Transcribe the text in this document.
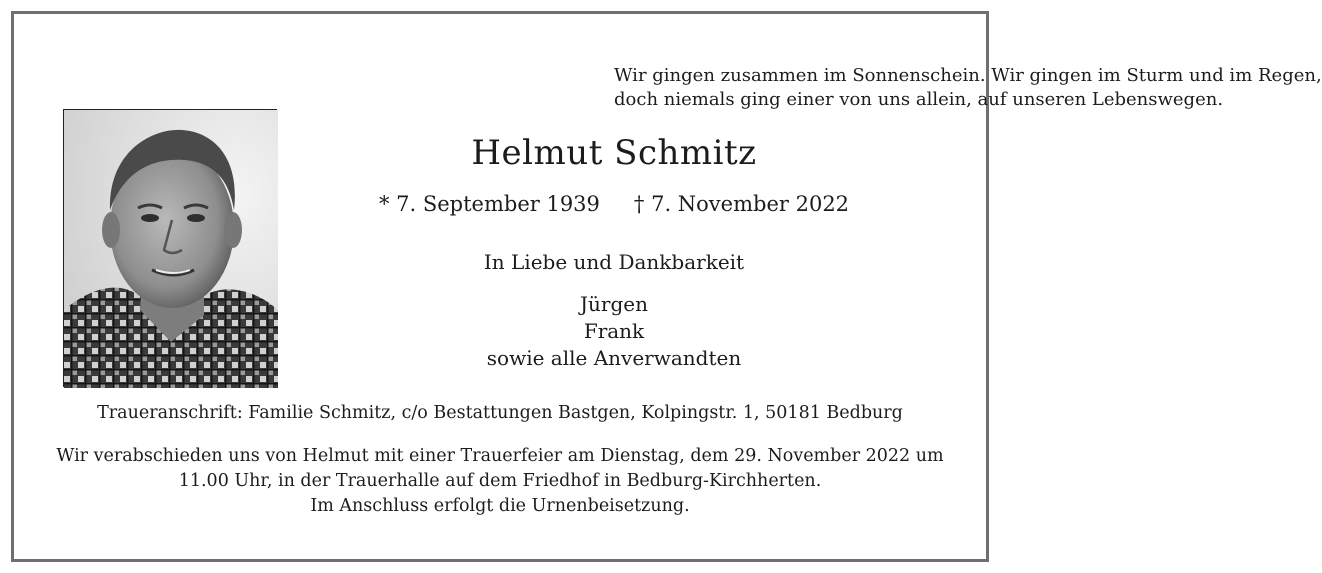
Wir gingen zusammen im Sonnenschein. Wir gingen im Sturm und im Regen,
doch niemals ging einer von uns allein, auf unseren Lebenswegen.
Helmut Schmitz
* 7. September 1939 † 7. November 2022
In Liebe und Dankbarkeit
Jürgen
Frank
sowie alle Anverwandten
Traueranschrift: Familie Schmitz, c/o Bestattungen Bastgen, Kolpingstr. 1, 50181 Bedburg
Wir verabschieden uns von Helmut mit einer Trauerfeier am Dienstag, dem 29. November 2022 um
11.00 Uhr, in der Trauerhalle auf dem Friedhof in Bedburg-Kirchherten.
Im Anschluss erfolgt die Urnenbeisetzung.
